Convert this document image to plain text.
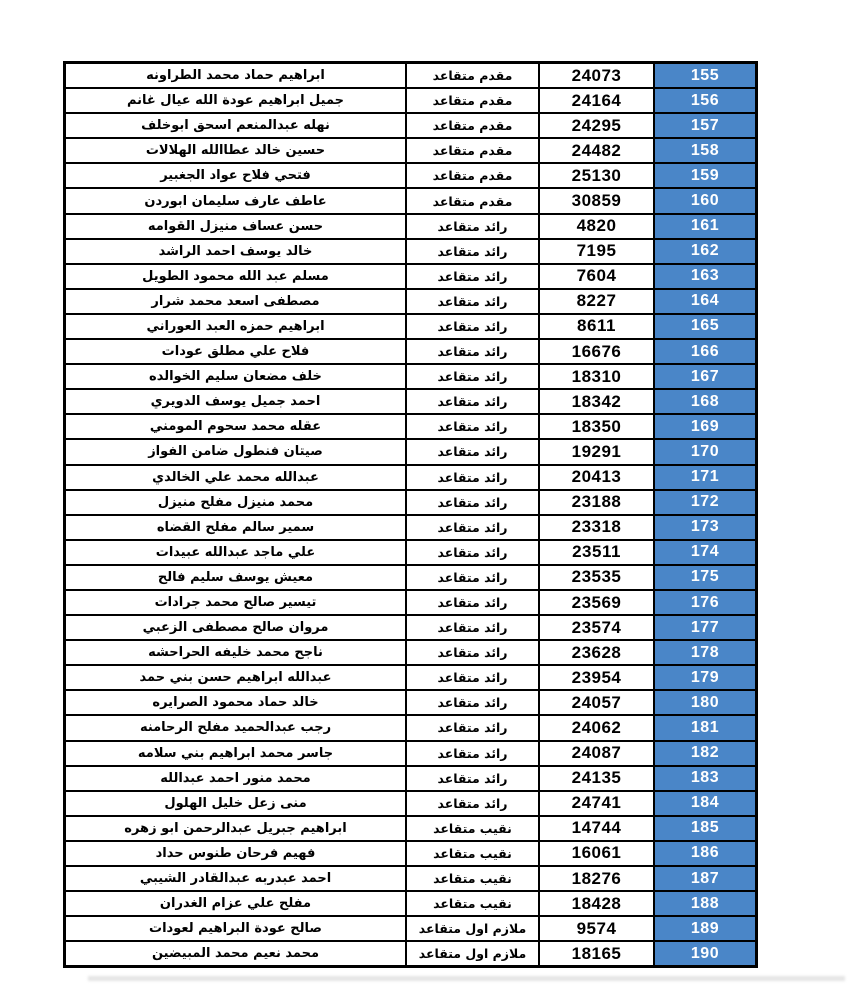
ابراهيم حماد محمد الطراونه	مقدم متقاعد	24073	155
جميل ابراهيم عودة الله عيال غانم	مقدم متقاعد	24164	156
نهله عبدالمنعم اسحق ابوخلف	مقدم متقاعد	24295	157
حسين خالد عطاالله الهلالات	مقدم متقاعد	24482	158
فتحي فلاح عواد الجغبير	مقدم متقاعد	25130	159
عاطف عارف سليمان ابوردن	مقدم متقاعد	30859	160
حسن عساف منيزل القوامه	رائد متقاعد	4820	161
خالد يوسف احمد الراشد	رائد متقاعد	7195	162
مسلم عبد الله محمود الطويل	رائد متقاعد	7604	163
مصطفى اسعد محمد شرار	رائد متقاعد	8227	164
ابراهيم حمزه العبد العوراني	رائد متقاعد	8611	165
فلاح علي مطلق عودات	رائد متقاعد	16676	166
خلف مضعان سليم الخوالده	رائد متقاعد	18310	167
احمد جميل يوسف الدويري	رائد متقاعد	18342	168
عقله محمد سحوم المومني	رائد متقاعد	18350	169
صيتان فنطول ضامن الفواز	رائد متقاعد	19291	170
عبدالله محمد علي الخالدي	رائد متقاعد	20413	171
محمد منيزل مفلح منيزل	رائد متقاعد	23188	172
سمير سالم مفلح القضاه	رائد متقاعد	23318	173
علي ماجد عبدالله عبيدات	رائد متقاعد	23511	174
معيش يوسف سليم فالح	رائد متقاعد	23535	175
تيسير صالح محمد جرادات	رائد متقاعد	23569	176
مروان صالح مصطفى الزعبي	رائد متقاعد	23574	177
ناجح محمد خليفه الحراحشه	رائد متقاعد	23628	178
عبدالله ابراهيم حسن بني حمد	رائد متقاعد	23954	179
خالد حماد محمود الصرايره	رائد متقاعد	24057	180
رجب عبدالحميد مفلح الرحامنه	رائد متقاعد	24062	181
جاسر محمد ابراهيم بني سلامه	رائد متقاعد	24087	182
محمد منور احمد عبدالله	رائد متقاعد	24135	183
منى زعل خليل الهلول	رائد متقاعد	24741	184
ابراهيم جبريل عبدالرحمن ابو زهره	نقيب متقاعد	14744	185
فهيم فرحان طنوس حداد	نقيب متقاعد	16061	186
احمد عبدربه عبدالقادر الشيبي	نقيب متقاعد	18276	187
مفلح علي عزام الغدران	نقيب متقاعد	18428	188
صالح عودة البراهيم لعودات	ملازم اول متقاعد	9574	189
محمد نعيم محمد المبيضين	ملازم اول متقاعد	18165	190
